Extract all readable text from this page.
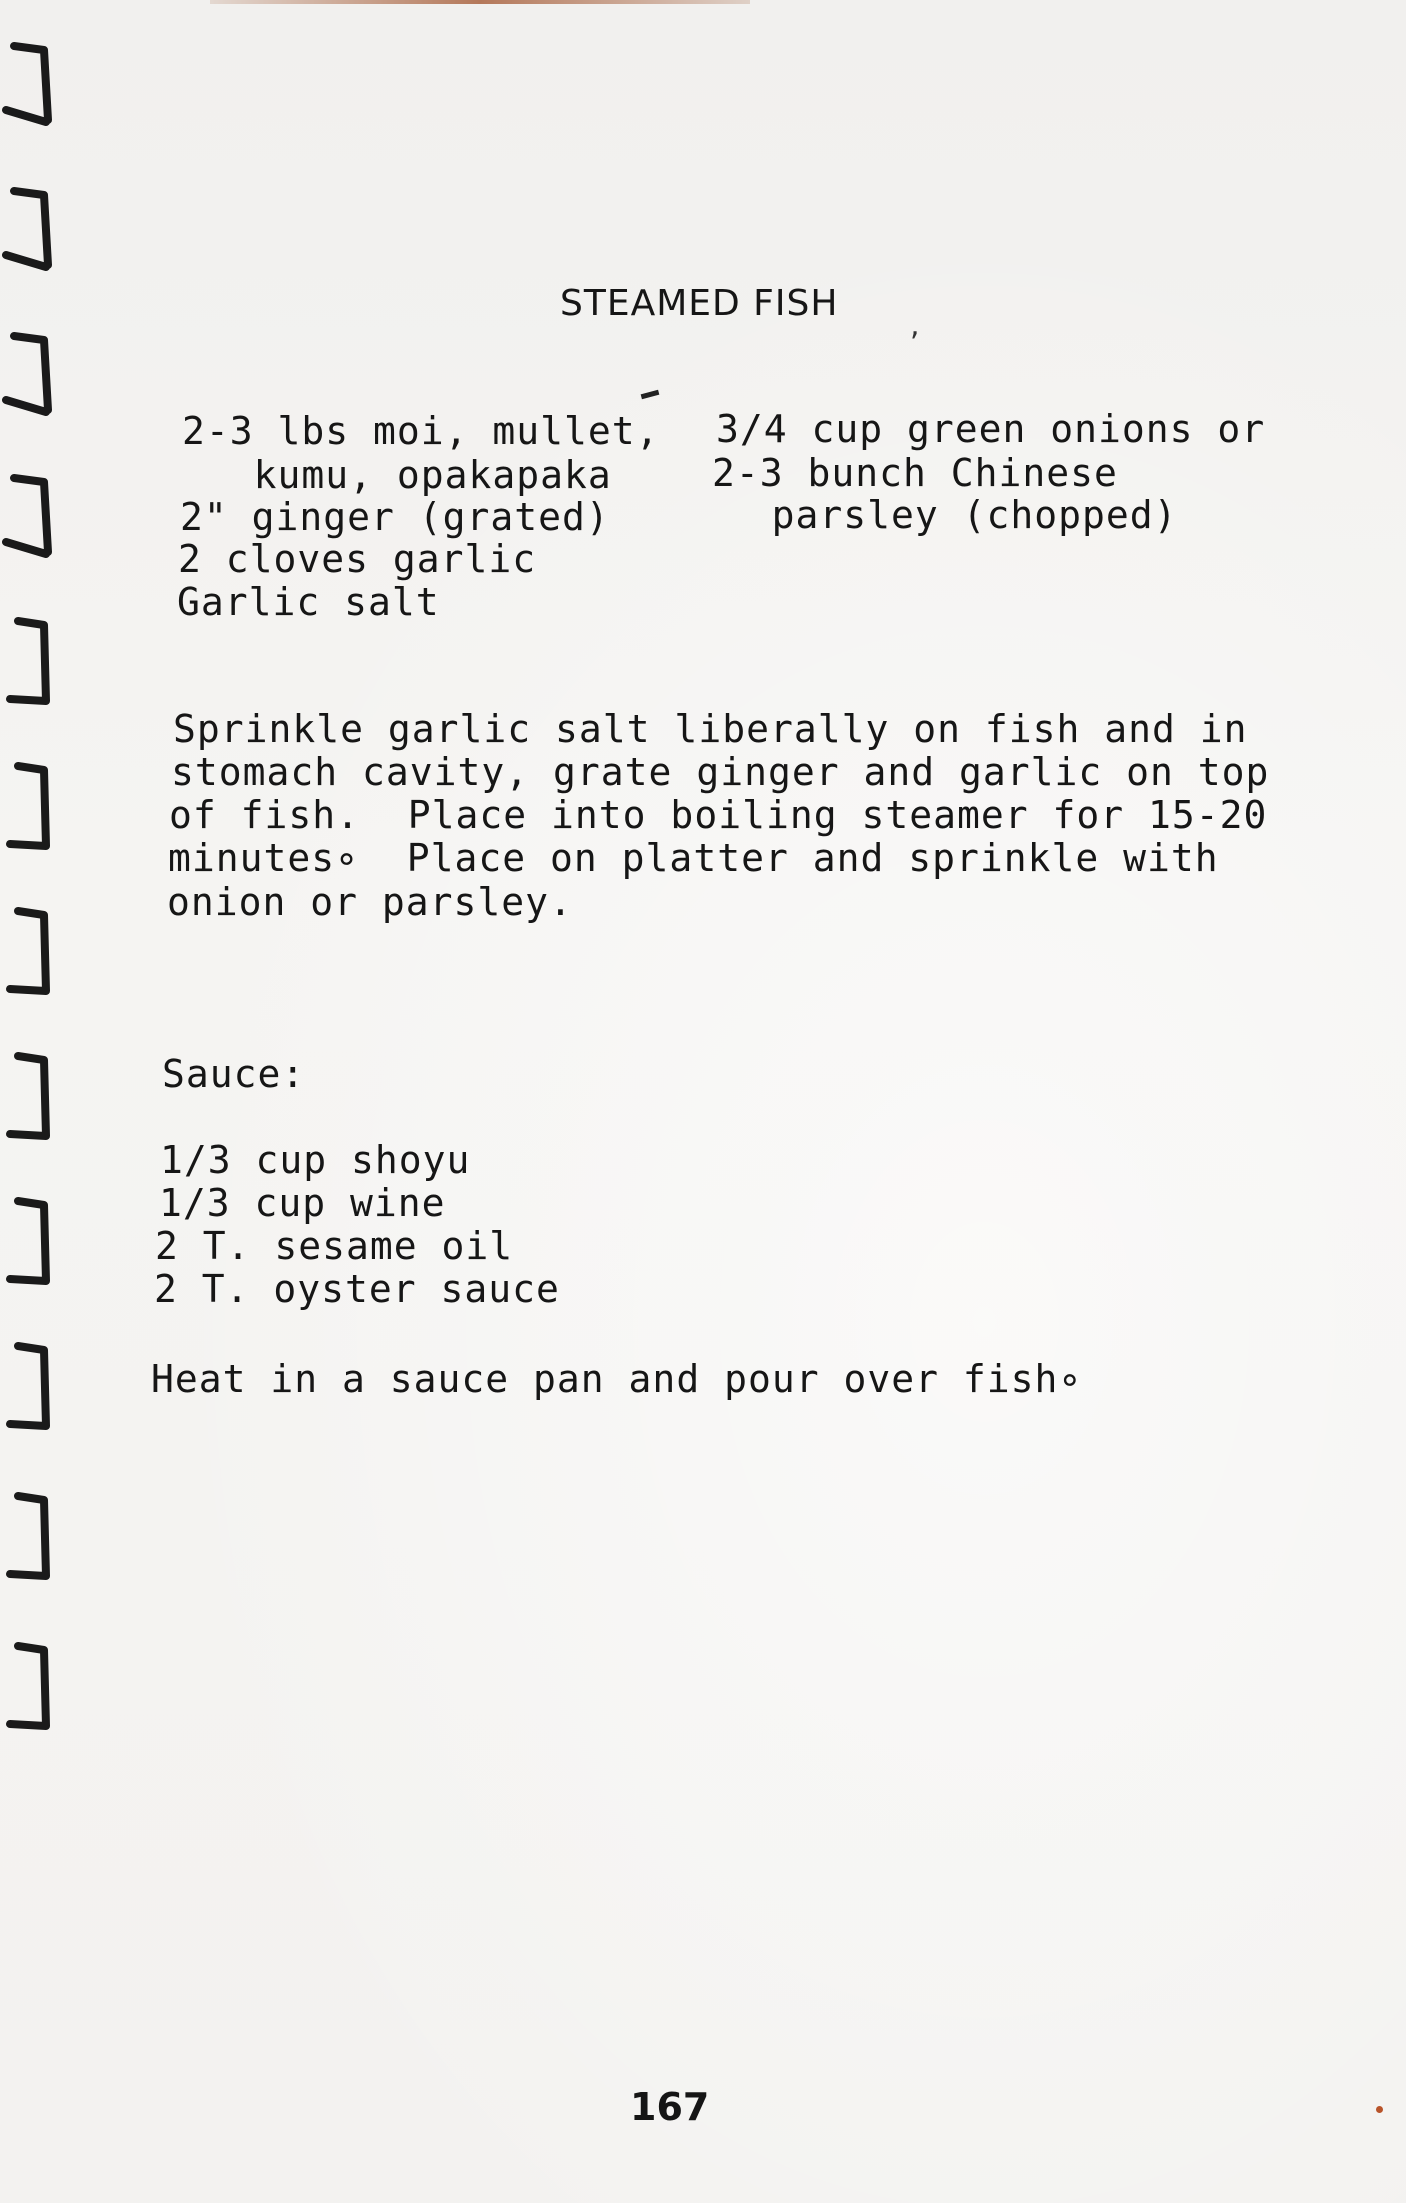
STEAMED FISH
,
2-3 lbs moi, mullet,
kumu, opakapaka
2" ginger (grated)
2 cloves garlic
Garlic salt
3/4 cup green onions or
2-3 bunch Chinese
parsley (chopped)
Sprinkle garlic salt liberally on fish and in
stomach cavity, grate ginger and garlic on top
of fish.  Place into boiling steamer for 15-20
minutes∘  Place on platter and sprinkle with
onion or parsley.
Sauce:
1/3 cup shoyu
1/3 cup wine
2 T. sesame oil
2 T. oyster sauce
Heat in a sauce pan and pour over fish∘
167
